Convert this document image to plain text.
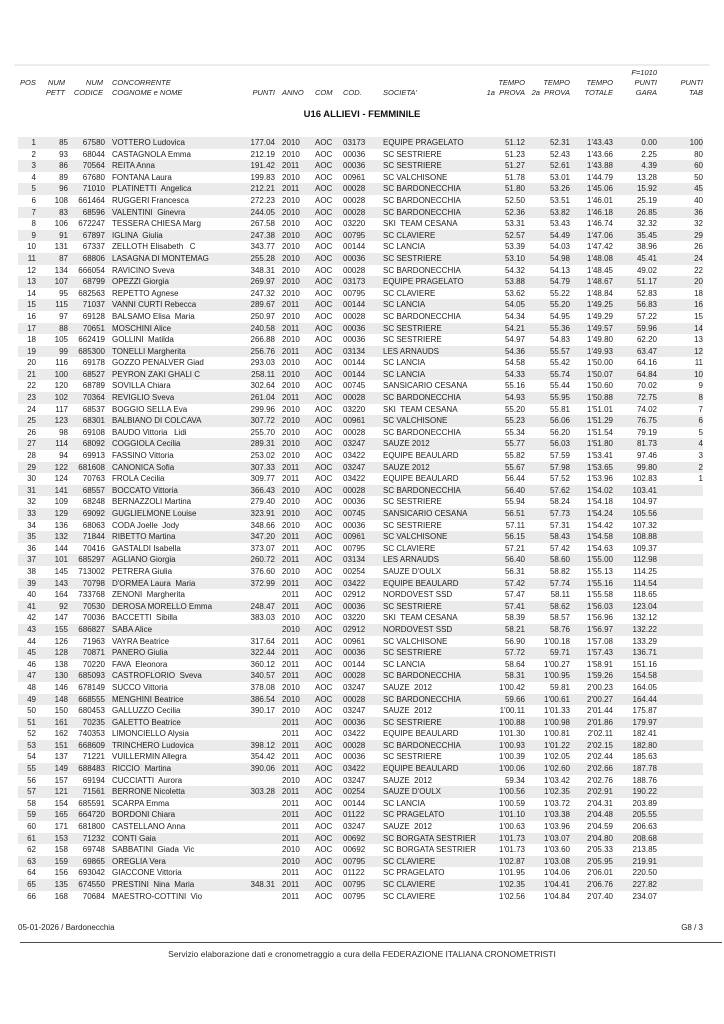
F=1010
POS NUM	NUM CONCORRENTE	TEMPO TEMPO TEMPO	PUNTI	PUNTI
PETT CODICE COGNOME e NOME	PUNTI ANNO COM COD.	SOCIETA'	1a  PROVA 2a  PROVA TOTALE	GARA	TAB
U16 ALLIEVI - FEMMINILE
1	85	67580 VOTTERO Ludovica	177.04 2010	AOC	03173	EQUIPE PRAGELATO	51.12	52.31	1'43.43	0.00	100
2	93	68044 CASTAGNOLA Emma	212.19 2010	AOC	00036	SC SESTRIERE	51.23	52.43	1'43.66	2.25	80
3	86	70564 REITA Anna	191.42 2011	AOC	00036	SC SESTRIERE	51.27	52.61	1'43.88	4.39	60
4	89	67680 FONTANA Laura	199.83 2010	AOC	00961	SC VALCHISONE	51.78	53.01	1'44.79	13.28	50
5	96	71010 PLATINETTI  Angelica	212.21 2011	AOC	00028	SC BARDONECCHIA	51.80	53.26	1'45.06	15.92	45
6	108	661464 RUGGERI Francesca	272.23 2010	AOC	00028	SC BARDONECCHIA	52.50	53.51	1'46.01	25.19	40
7	83	68596 VALENTINI  Ginevra	244.05 2010	AOC	00028	SC BARDONECCHIA	52.36	53.82	1'46.18	26.85	36
8	106	672247 TESSERA CHIESA Marg	267.58 2010	AOC	03220	SKI  TEAM CESANA	53.31	53.43	1'46.74	32.32	32
9	91	67897 IGLINA  Giulia	247.38 2010	AOC	00795	SC CLAVIERE	52.57	54.49	1'47.06	35.45	29
10	131	67337 ZELLOTH Elisabeth   C	343.77 2010	AOC	00144	SC LANCIA	53.39	54.03	1'47.42	38.96	26
11	87	68806 LASAGNA DI MONTEMAG	255.28 2010	AOC	00036	SC SESTRIERE	53.10	54.98	1'48.08	45.41	24
12	134	666054 RAVICINO Sveva	348.31 2010	AOC	00028	SC BARDONECCHIA	54.32	54.13	1'48.45	49.02	22
13	107	68799 OPEZZI Giorgia	269.97 2010	AOC	03173	EQUIPE PRAGELATO	53.88	54.79	1'48.67	51.17	20
14	95	682563 REPETTO Agnese	247.32 2010	AOC	00795	SC CLAVIERE	53.62	55.22	1'48.84	52.83	18
15	115	71037 VANNI CURTI Rebecca	289.67 2011	AOC	00144	SC LANCIA	54.05	55.20	1'49.25	56.83	16
16	97	69128 BALSAMO Elisa  Maria	250.97 2010	AOC	00028	SC BARDONECCHIA	54.34	54.95	1'49.29	57.22	15
17	88	70651 MOSCHINI Alice	240.58 2011	AOC	00036	SC SESTRIERE	54.21	55.36	1'49.57	59.96	14
18	105	662419 GOLLINI  Matilda	266.88 2010	AOC	00036	SC SESTRIERE	54.97	54.83	1'49.80	62.20	13
19	99	685300 TONELLI Margherita	256.76 2011	AOC	03134	LES ARNAUDS	54.36	55.57	1'49.93	63.47	12
20	116	69178 GOZZO PENALVER Giad	293.03 2010	AOC	00144	SC LANCIA	54.58	55.42	1'50.00	64.16	11
21	100	68527 PEYRON ZAKI GHALI C	258.11 2010	AOC	00144	SC LANCIA	54.33	55.74	1'50.07	64.84	10
22	120	68789 SOVILLA Chiara	302.64 2010	AOC	00745	SANSICARIO CESANA	55.16	55.44	1'50.60	70.02	9
23	102	70364 REVIGLIO Sveva	261.04 2011	AOC	00028	SC BARDONECCHIA	54.93	55.95	1'50.88	72.75	8
24	117	68537 BOGGIO SELLA Eva	299.96 2010	AOC	03220	SKI  TEAM CESANA	55.20	55.81	1'51.01	74.02	7
25	123	68301 BALBIANO DI COLCAVA	307.72 2010	AOC	00961	SC VALCHISONE	55.23	56.06	1'51.29	76.75	6
26	98	69108 BAUDO Vittoria   Lidi	255.70 2010	AOC	00028	SC BARDONECCHIA	55.34	56.20	1'51.54	79.19	5
27	114	68092 COGGIOLA Cecilia	289.31 2010	AOC	03247	SAUZE 2012	55.77	56.03	1'51.80	81.73	4
28	94	69913 FASSINO Vittoria	253.02 2010	AOC	03422	EQUIPE BEAULARD	55.82	57.59	1'53.41	97.46	3
29	122	681608 CANONICA Sofia	307.33 2011	AOC	03247	SAUZE 2012	55.67	57.98	1'53.65	99.80	2
30	124	70763 FROLA Cecilia	309.77 2011	AOC	03422	EQUIPE BEAULARD	56.44	57.52	1'53.96	102.83	1
31	141	68557 BOCCATO Vittoria	366.43 2010	AOC	00028	SC BARDONECCHIA	56.40	57.62	1'54.02	103.41
32	109	68248 BERNAZZOLI Martina	279.40 2010	AOC	00036	SC SESTRIERE	55.94	58.24	1'54.18	104.97
33	129	69092 GUGLIELMONE Louise	323.91 2010	AOC	00745	SANSICARIO CESANA	56.51	57.73	1'54.24	105.56
34	136	68063 CODA Joelle  Jody	348.66 2010	AOC	00036	SC SESTRIERE	57.11	57.31	1'54.42	107.32
35	132	71844 RIBETTO Martina	347.20 2011	AOC	00961	SC VALCHISONE	56.15	58.43	1'54.58	108.88
36	144	70416 GASTALDI Isabella	373.07 2011	AOC	00795	SC CLAVIERE	57.21	57.42	1'54.63	109.37
37	101	685297 AGLIANO Giorgia	260.72 2011	AOC	03134	LES ARNAUDS	56.40	58.60	1'55.00	112.98
38	145	713002 PETRERA Giulia	376.60 2010	AOC	00254	SAUZE D'OULX	56.31	58.82	1'55.13	114.25
39	143	70798 D'ORMEA Laura  Maria	372.99 2011	AOC	03422	EQUIPE BEAULARD	57.42	57.74	1'55.16	114.54
40	164	733768 ZENONI  Margherita	2011	AOC	02912	NORDOVEST SSD	57.47	58.11	1'55.58	118.65
41	92	70530 DEROSA MORELLO Emma	248.47 2011	AOC	00036	SC SESTRIERE	57.41	58.62	1'56.03	123.04
42	147	70036 BACCETTI  Sibilla	383.03 2010	AOC	03220	SKI  TEAM CESANA	58.39	58.57	1'56.96	132.12
43	155	686827 SABA Alice	2010	AOC	02912	NORDOVEST SSD	58.21	58.76	1'56.97	132.22
44	126	71963 VAYRA Beatrice	317.64 2011	AOC	00961	SC VALCHISONE	56.90	1'00.18	1'57.08	133.29
45	128	70871 PANERO Giulia	322.44 2011	AOC	00036	SC SESTRIERE	57.72	59.71	1'57.43	136.71
46	138	70220 FAVA  Eleonora	360.12 2011	AOC	00144	SC LANCIA	58.64	1'00.27	1'58.91	151.16
47	130	685093 CASTROFLORIO  Sveva	340.57 2011	AOC	00028	SC BARDONECCHIA	58.31	1'00.95	1'59.26	154.58
48	146	678149 SUCCO Vittoria	378.08 2010	AOC	03247	SAUZE  2012	1'00.42	59.81	2'00.23	164.05
49	148	668555 MENGHINI Beatrice	386.54 2010	AOC	00028	SC BARDONECCHIA	59.66	1'00.61	2'00.27	164.44
50	150	680453 GALLUZZO Cecilia	390.17 2010	AOC	03247	SAUZE  2012	1'00.11	1'01.33	2'01.44	175.87
51	161	70235 GALETTO Beatrice	2011	AOC	00036	SC SESTRIERE	1'00.88	1'00.98	2'01.86	179.97
52	162	740353 LIMONCIELLO Alysia	2011	AOC	03422	EQUIPE BEAULARD	1'01.30	1'00.81	2'02.11	182.41
53	151	668609 TRINCHERO Ludovica	398.12 2011	AOC	00028	SC BARDONECCHIA	1'00.93	1'01.22	2'02.15	182.80
54	137	71221 VUILLERMIN Allegra	354.42 2011	AOC	00036	SC SESTRIERE	1'00.39	1'02.05	2'02.44	185.63
55	149	688483 RICCIO  Martina	390.06 2011	AOC	03422	EQUIPE BEAULARD	1'00.06	1'02.60	2'02.66	187.78
56	157	69194 CUCCIATTI  Aurora	2010	AOC	03247	SAUZE  2012	59.34	1'03.42	2'02.76	188.76
57	121	71561 BERRONE Nicoletta	303.28 2011	AOC	00254	SAUZE D'OULX	1'00.56	1'02.35	2'02.91	190.22
58	154	685591 SCARPA Emma	2011	AOC	00144	SC LANCIA	1'00.59	1'03.72	2'04.31	203.89
59	165	664720 BORDONI Chiara	2011	AOC	01122	SC PRAGELATO	1'01.10	1'03.38	2'04.48	205.55
60	171	681800 CASTELLANO Anna	2011	AOC	03247	SAUZE  2012	1'00.63	1'03.96	2'04.59	206.63
61	153	71232 CONTI Gaia	2011	AOC	00692	SC BORGATA SESTRIER	1'01.73	1'03.07	2'04.80	208.68
62	158	69748 SABBATINI  Giada  Vic	2010	AOC	00692	SC BORGATA SESTRIER	1'01.73	1'03.60	2'05.33	213.85
63	159	69865 OREGLIA Vera	2010	AOC	00795	SC CLAVIERE	1'02.87	1'03.08	2'05.95	219.91
64	156	693042 GIACCONE Vittoria	2011	AOC	01122	SC PRAGELATO	1'01.95	1'04.06	2'06.01	220.50
65	135	674550 PRESTINI  Nina  Maria	348.31 2011	AOC	00795	SC CLAVIERE	1'02.35	1'04.41	2'06.76	227.82
66	168	70684 MAESTRO-COTTINI  Vio	2011	AOC	00795	SC CLAVIERE	1'02.56	1'04.84	2'07.40	234.07
05-01-2026 / Bardonecchia	G8 / 3
Servizio elaborazione dati e cronometraggio a cura della FEDERAZIONE ITALIANA CRONOMETRISTI
